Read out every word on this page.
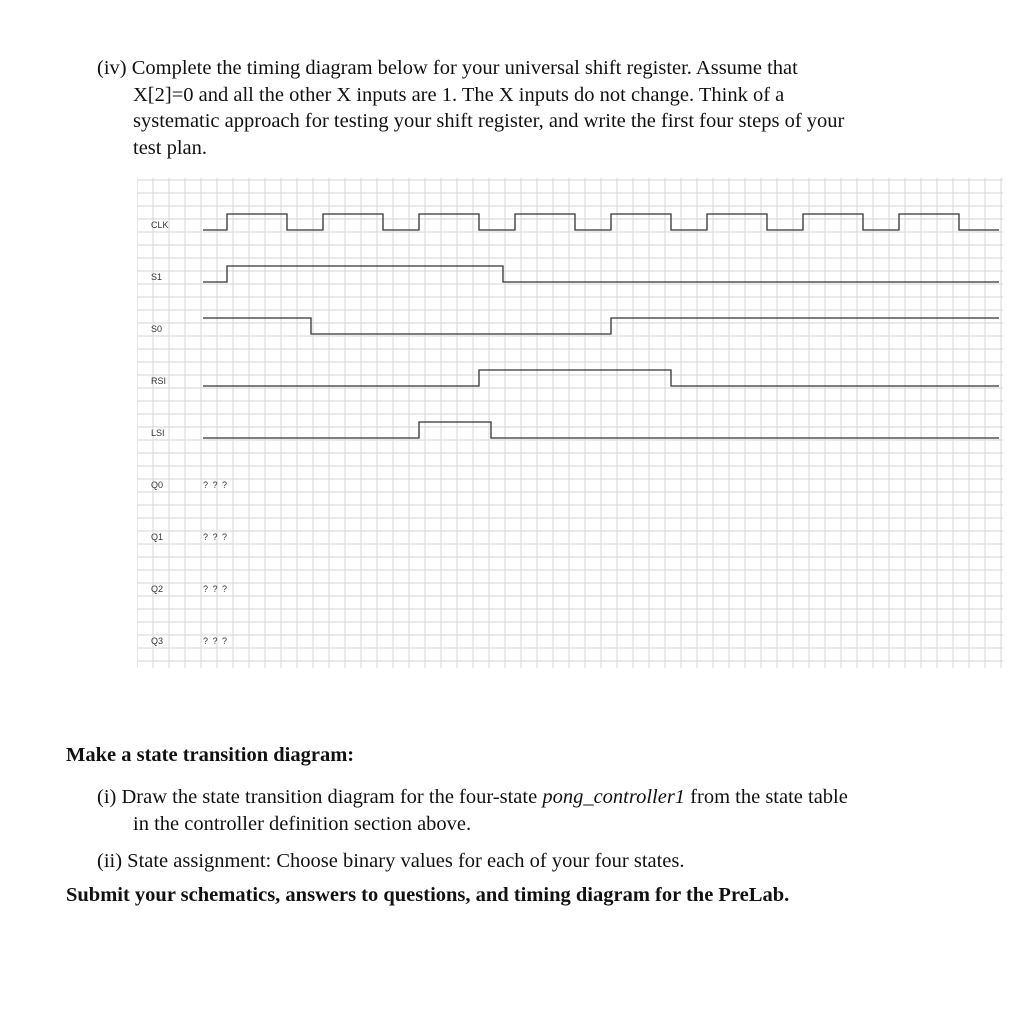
(iv) Complete the timing diagram below for your universal shift register. Assume that
X[2]=0 and all the other X inputs are 1. The X inputs do not change. Think of a
systematic approach for testing your shift register, and write the first four steps of your
test plan.
CLK
S1
S0
RSI
LSI
Q0	? ? ?
Q1	? ? ?
Q2	? ? ?
Q3	? ? ?
Make a state transition diagram:
(i) Draw the state transition diagram for the four-state pong_controller1 from the state table
in the controller definition section above.
(ii) State assignment: Choose binary values for each of your four states.
Submit your schematics, answers to questions, and timing diagram for the PreLab.
